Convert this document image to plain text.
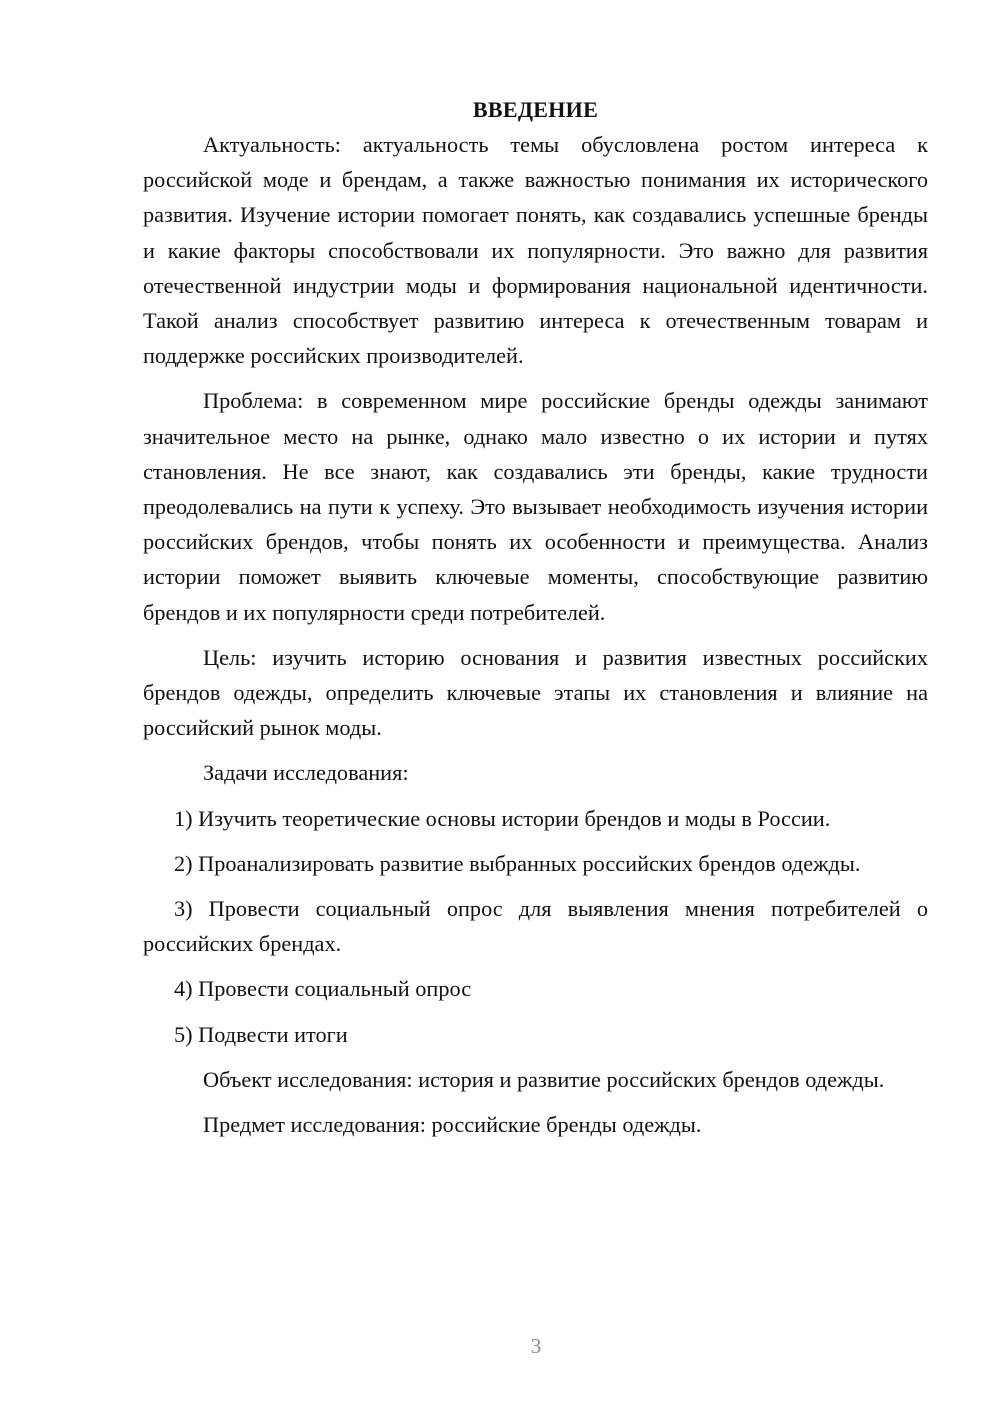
ВВЕДЕНИЕ

Актуальность: актуальность темы обусловлена ростом интереса к российской моде и брендам, а также важностью понимания их исторического развития. Изучение истории помогает понять, как создавались успешные бренды и какие факторы способствовали их популярности. Это важно для развития отечественной индустрии моды и формирования национальной идентичности. Такой анализ способствует развитию интереса к отечественным товарам и поддержке российских производителей.

Проблема: в современном мире российские бренды одежды занимают значительное место на рынке, однако мало известно о их истории и путях становления. Не все знают, как создавались эти бренды, какие трудности преодолевались на пути к успеху. Это вызывает необходимость изучения истории российских брендов, чтобы понять их особенности и преимущества. Анализ истории поможет выявить ключевые моменты, способствующие развитию брендов и их популярности среди потребителей.

Цель: изучить историю основания и развития известных российских брендов одежды, определить ключевые этапы их становления и влияние на российский рынок моды.

Задачи исследования:

1) Изучить теоретические основы истории брендов и моды в России.

2) Проанализировать развитие выбранных российских брендов одежды.

3) Провести социальный опрос для выявления мнения потребителей о российских брендах.

4) Провести социальный опрос

5) Подвести итоги

Объект исследования: история и развитие российских брендов одежды.

Предмет исследования: российские бренды одежды.

3
